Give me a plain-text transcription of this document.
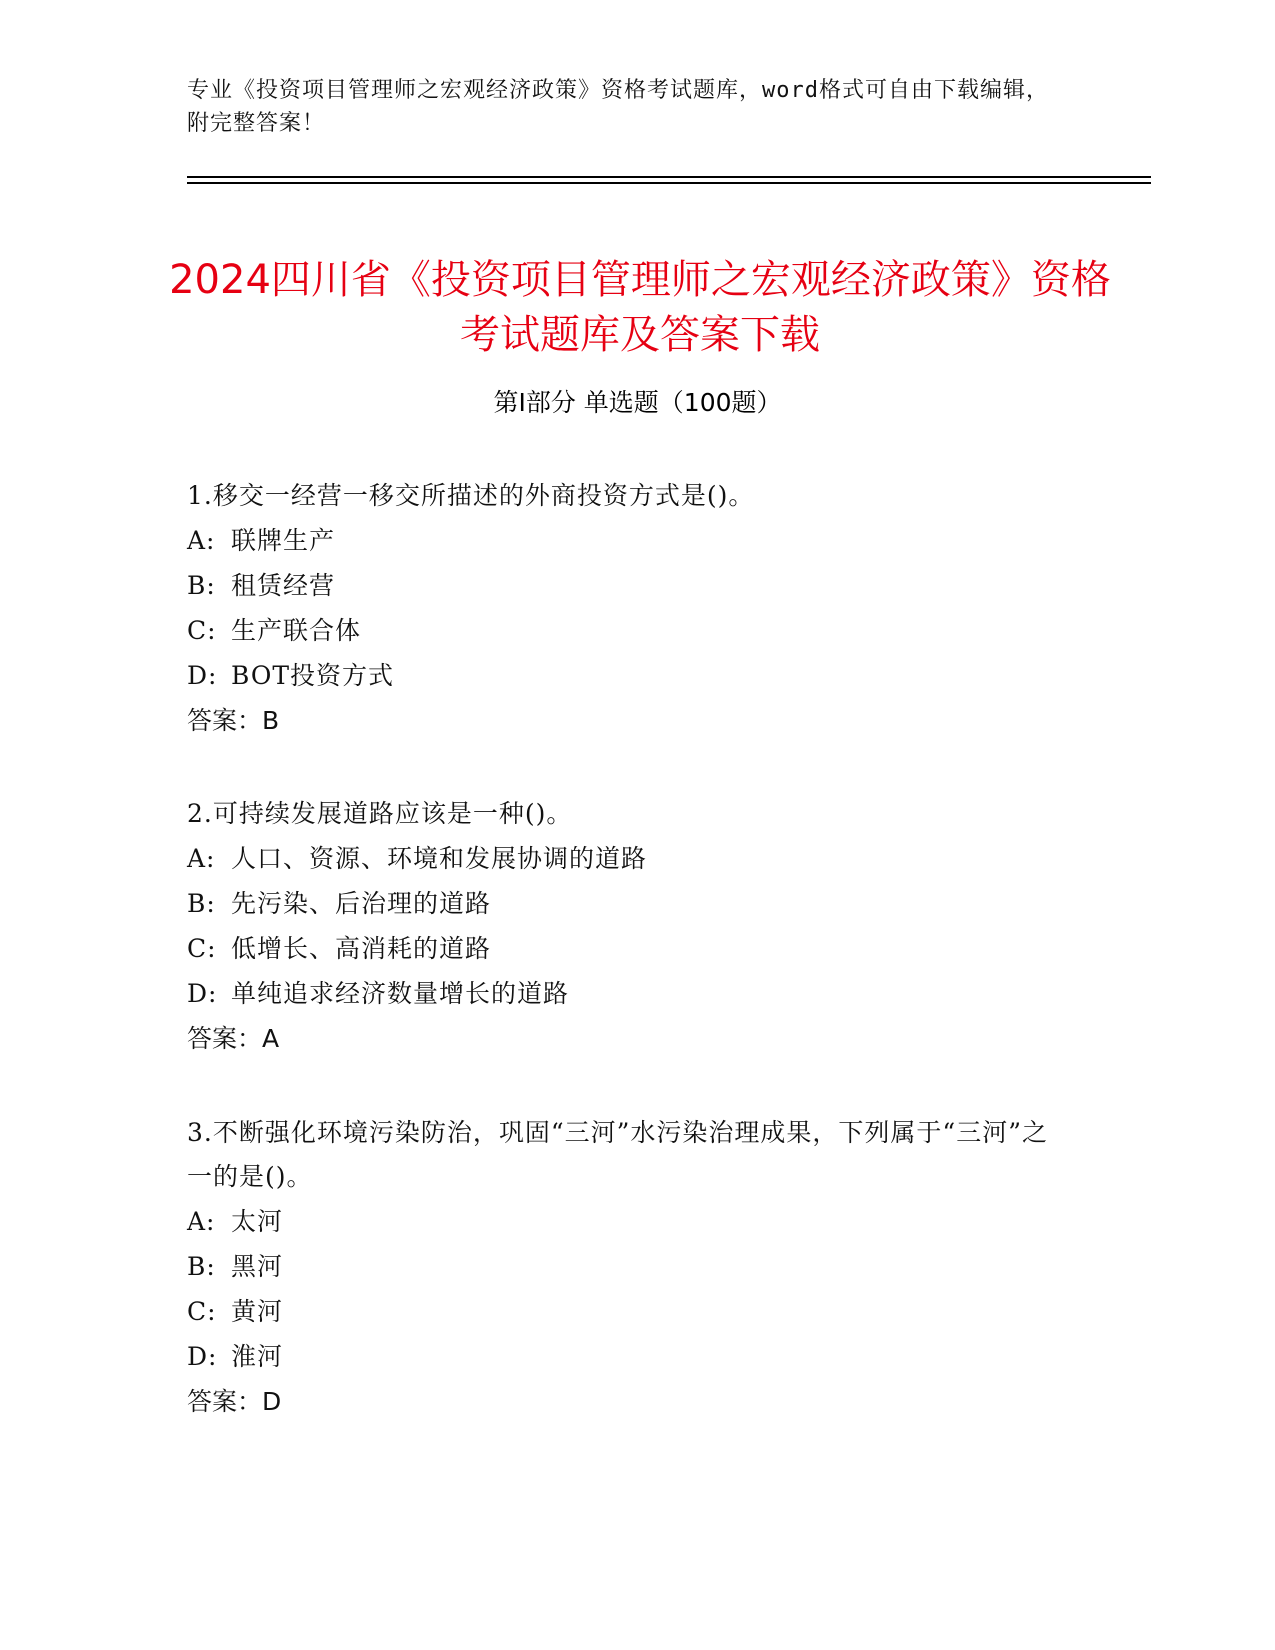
专业《投资项目管理师之宏观经济政策》资格考试题库，word格式可自由下载编辑，附完整答案！
2024四川省《投资项目管理师之宏观经济政策》资格考试题库及答案下载
第I部分 单选题（100题）
1.移交一经营一移交所描述的外商投资方式是()。
A: 联牌生产
B: 租赁经营
C: 生产联合体
D: BOT投资方式
答案：B
2.可持续发展道路应该是一种()。
A: 人口、资源、环境和发展协调的道路
B: 先污染、后治理的道路
C: 低增长、高消耗的道路
D: 单纯追求经济数量增长的道路
答案：A
3.不断强化环境污染防治，巩固“三河”水污染治理成果，下列属于“三河”之一的是()。
A: 太河
B: 黑河
C: 黄河
D: 淮河
答案：D
